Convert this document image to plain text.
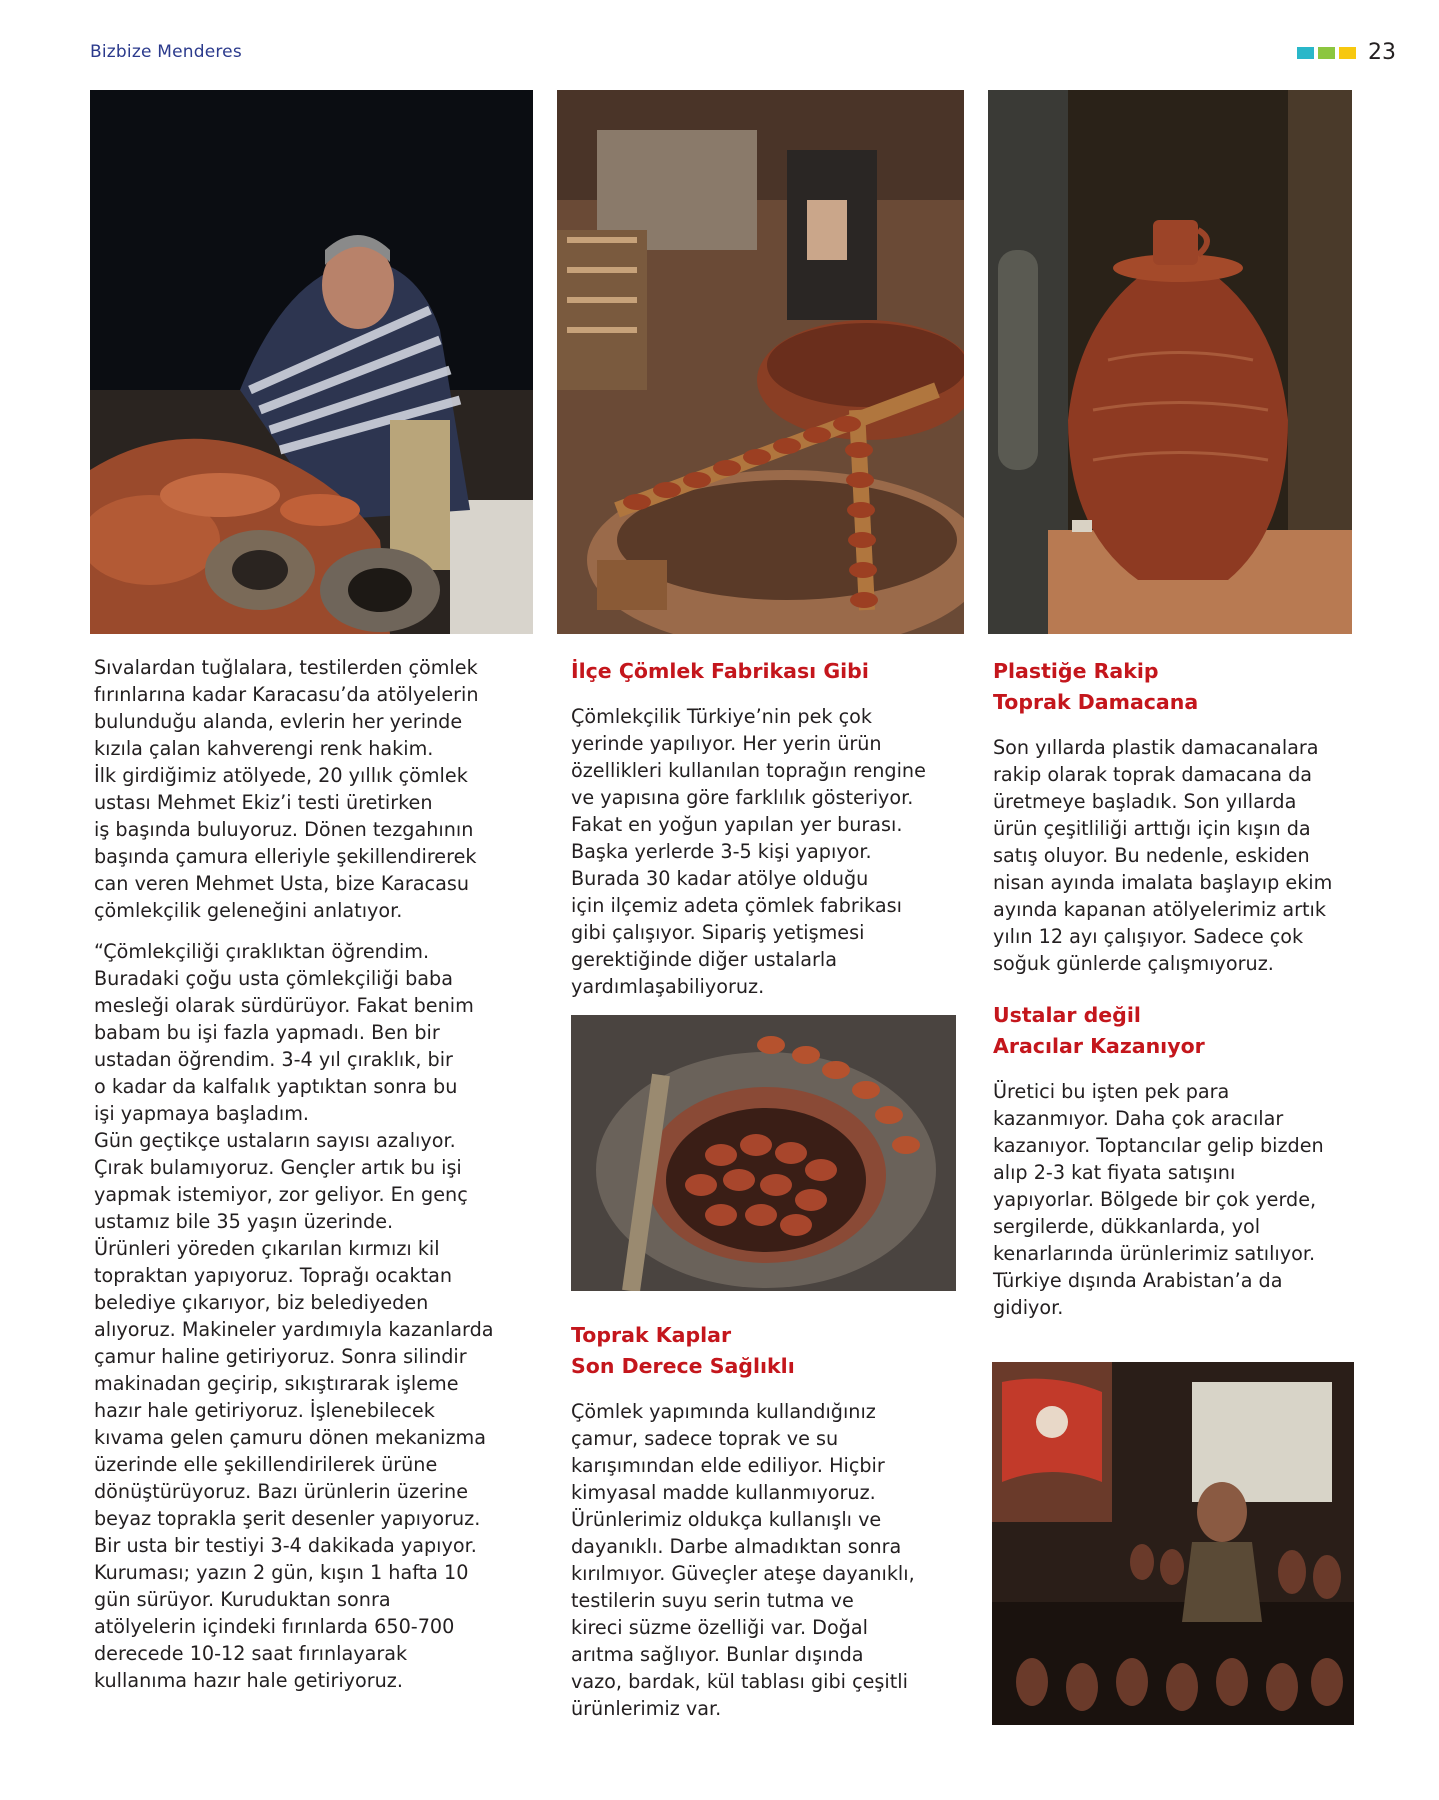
Bizbize Menderes	23

Sıvalardan tuğlalara, testilerden çömlek
fırınlarına kadar Karacasu’da atölyelerin
bulunduğu alanda, evlerin her yerinde
kızıla çalan kahverengi renk hakim.
İlk girdiğimiz atölyede, 20 yıllık çömlek
ustası Mehmet Ekiz’i testi üretirken
iş başında buluyoruz. Dönen tezgahının
başında çamura elleriyle şekillendirerek
can veren Mehmet Usta, bize Karacasu
çömlekçilik geleneğini anlatıyor.

“Çömlekçiliği çıraklıktan öğrendim.
Buradaki çoğu usta çömlekçiliği baba
mesleği olarak sürdürüyor. Fakat benim
babam bu işi fazla yapmadı. Ben bir
ustadan öğrendim. 3-4 yıl çıraklık, bir
o kadar da kalfalık yaptıktan sonra bu
işi yapmaya başladım.
Gün geçtikçe ustaların sayısı azalıyor.
Çırak bulamıyoruz. Gençler artık bu işi
yapmak istemiyor, zor geliyor. En genç
ustamız bile 35 yaşın üzerinde.
Ürünleri yöreden çıkarılan kırmızı kil
topraktan yapıyoruz. Toprağı ocaktan
belediye çıkarıyor, biz belediyeden
alıyoruz. Makineler yardımıyla kazanlarda
çamur haline getiriyoruz. Sonra silindir
makinadan geçirip, sıkıştırarak işleme
hazır hale getiriyoruz. İşlenebilecek
kıvama gelen çamuru dönen mekanizma
üzerinde elle şekillendirilerek ürüne
dönüştürüyoruz. Bazı ürünlerin üzerine
beyaz toprakla şerit desenler yapıyoruz.
Bir usta bir testiyi 3-4 dakikada yapıyor.
Kuruması; yazın 2 gün, kışın 1 hafta 10
gün sürüyor. Kuruduktan sonra
atölyelerin içindeki fırınlarda 650-700
derecede 10-12 saat fırınlayarak
kullanıma hazır hale getiriyoruz.

İlçe Çömlek Fabrikası Gibi

Çömlekçilik Türkiye’nin pek çok
yerinde yapılıyor. Her yerin ürün
özellikleri kullanılan toprağın rengine
ve yapısına göre farklılık gösteriyor.
Fakat en yoğun yapılan yer burası.
Başka yerlerde 3-5 kişi yapıyor.
Burada 30 kadar atölye olduğu
için ilçemiz adeta çömlek fabrikası
gibi çalışıyor. Sipariş yetişmesi
gerektiğinde diğer ustalarla
yardımlaşabiliyoruz.

Toprak Kaplar
Son Derece Sağlıklı

Çömlek yapımında kullandığınız
çamur, sadece toprak ve su
karışımından elde ediliyor. Hiçbir
kimyasal madde kullanmıyoruz.
Ürünlerimiz oldukça kullanışlı ve
dayanıklı. Darbe almadıktan sonra
kırılmıyor. Güveçler ateşe dayanıklı,
testilerin suyu serin tutma ve
kireci süzme özelliği var. Doğal
arıtma sağlıyor. Bunlar dışında
vazo, bardak, kül tablası gibi çeşitli
ürünlerimiz var.

Plastiğe Rakip
Toprak Damacana

Son yıllarda plastik damacanalara
rakip olarak toprak damacana da
üretmeye başladık. Son yıllarda
ürün çeşitliliği arttığı için kışın da
satış oluyor. Bu nedenle, eskiden
nisan ayında imalata başlayıp ekim
ayında kapanan atölyelerimiz artık
yılın 12 ayı çalışıyor. Sadece çok
soğuk günlerde çalışmıyoruz.

Ustalar değil
Aracılar Kazanıyor

Üretici bu işten pek para
kazanmıyor. Daha çok aracılar
kazanıyor. Toptancılar gelip bizden
alıp 2-3 kat fiyata satışını
yapıyorlar. Bölgede bir çok yerde,
sergilerde, dükkanlarda, yol
kenarlarında ürünlerimiz satılıyor.
Türkiye dışında Arabistan’a da
gidiyor.
